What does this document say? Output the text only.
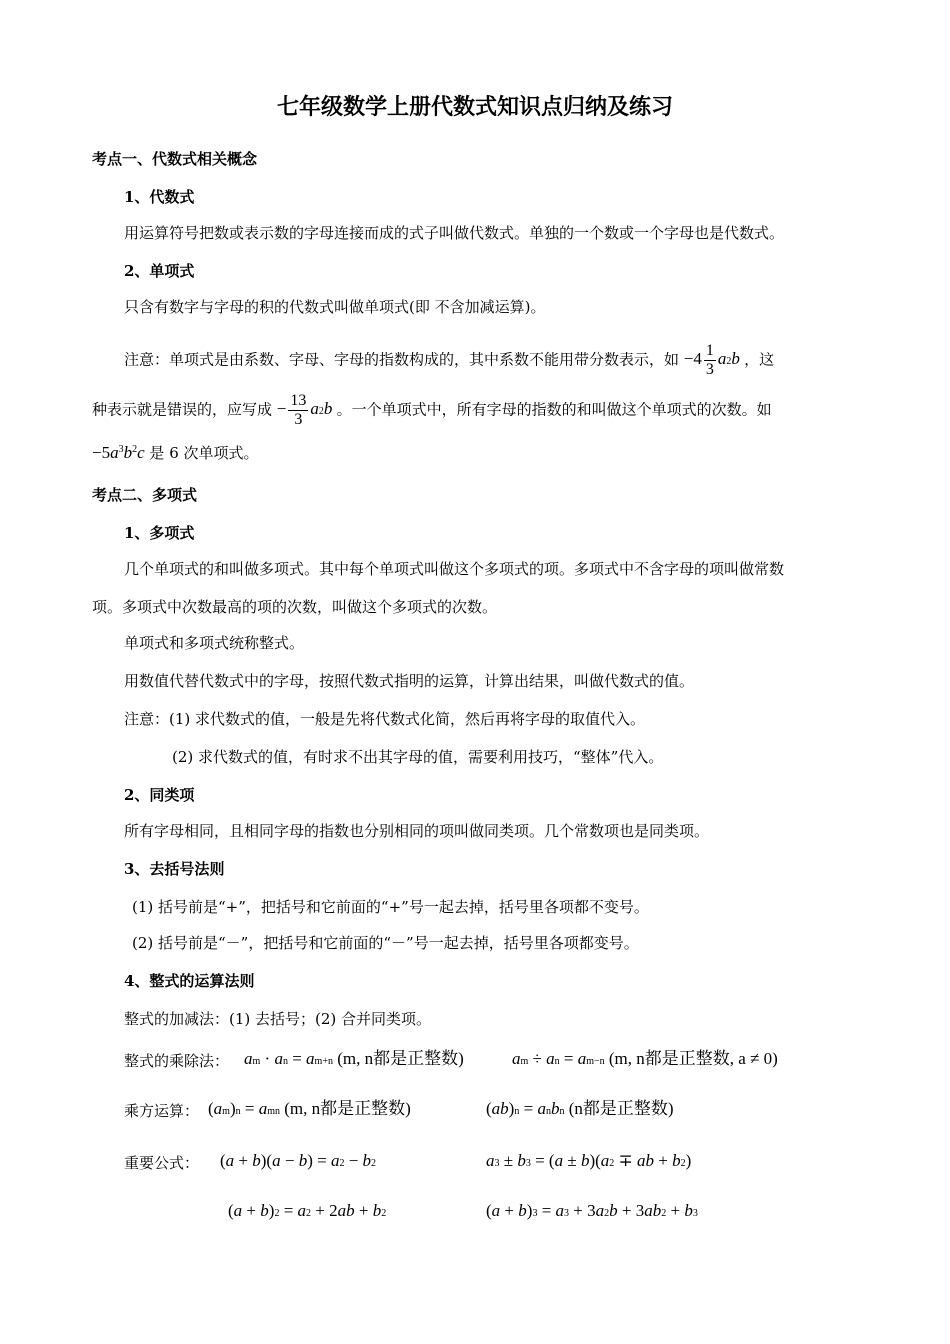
七年级数学上册代数式知识点归纳及练习
考点一、代数式相关概念
1、代数式
用运算符号把数或表示数的字母连接而成的式子叫做代数式。单独的一个数或一个字母也是代数式。
2、单项式
只含有数字与字母的积的代数式叫做单项式(即 不含加减运算)。
注意：单项式是由系数、字母、字母的指数构成的，其中系数不能用带分数表示，如 $-4 \frac{1}{3} a2b$ ，这
种表示就是错误的，应写成 − $\frac{13}{3} a2b$ 。一个单项式中，所有字母的指数的和叫做这个单项式的次数。如
$-5a^3b^2c$ 是 6 次单项式。
考点二、多项式
1、多项式
几个单项式的和叫做多项式。其中每个单项式叫做这个多项式的项。多项式中不含字母的项叫做常数
项。多项式中次数最高的项的次数，叫做这个多项式的次数。
单项式和多项式统称整式。
用数值代替代数式中的字母，按照代数式指明的运算，计算出结果，叫做代数式的值。
注意：(1) 求代数式的值，一般是先将代数式化简，然后再将字母的取值代入。
(2) 求代数式的值，有时求不出其字母的值，需要利用技巧，“整体”代入。
2、同类项
所有字母相同，且相同字母的指数也分别相同的项叫做同类项。几个常数项也是同类项。
3、去括号法则
(1) 括号前是“+”，把括号和它前面的“+”号一起去掉，括号里各项都不变号。
(2) 括号前是“－”，把括号和它前面的“－”号一起去掉，括号里各项都变号。
4、整式的运算法则
整式的加减法：(1) 去括号；(2) 合并同类项。
整式的乘除法： am · an = am+n (m, n都是正整数)	am ÷ an = am−n (m, n都是正整数, a ≠ 0)
乘方运算： (am)n = amn (m, n都是正整数)	(ab)n = anbn (n都是正整数)
重要公式： (a + b)(a − b) = a2 − b2	a3 ± b3 = (a ± b)(a2 ∓ ab + b2)
(a + b)2 = a2 + 2ab + b2	(a + b)3 = a3 + 3a2b + 3ab2 + b3
